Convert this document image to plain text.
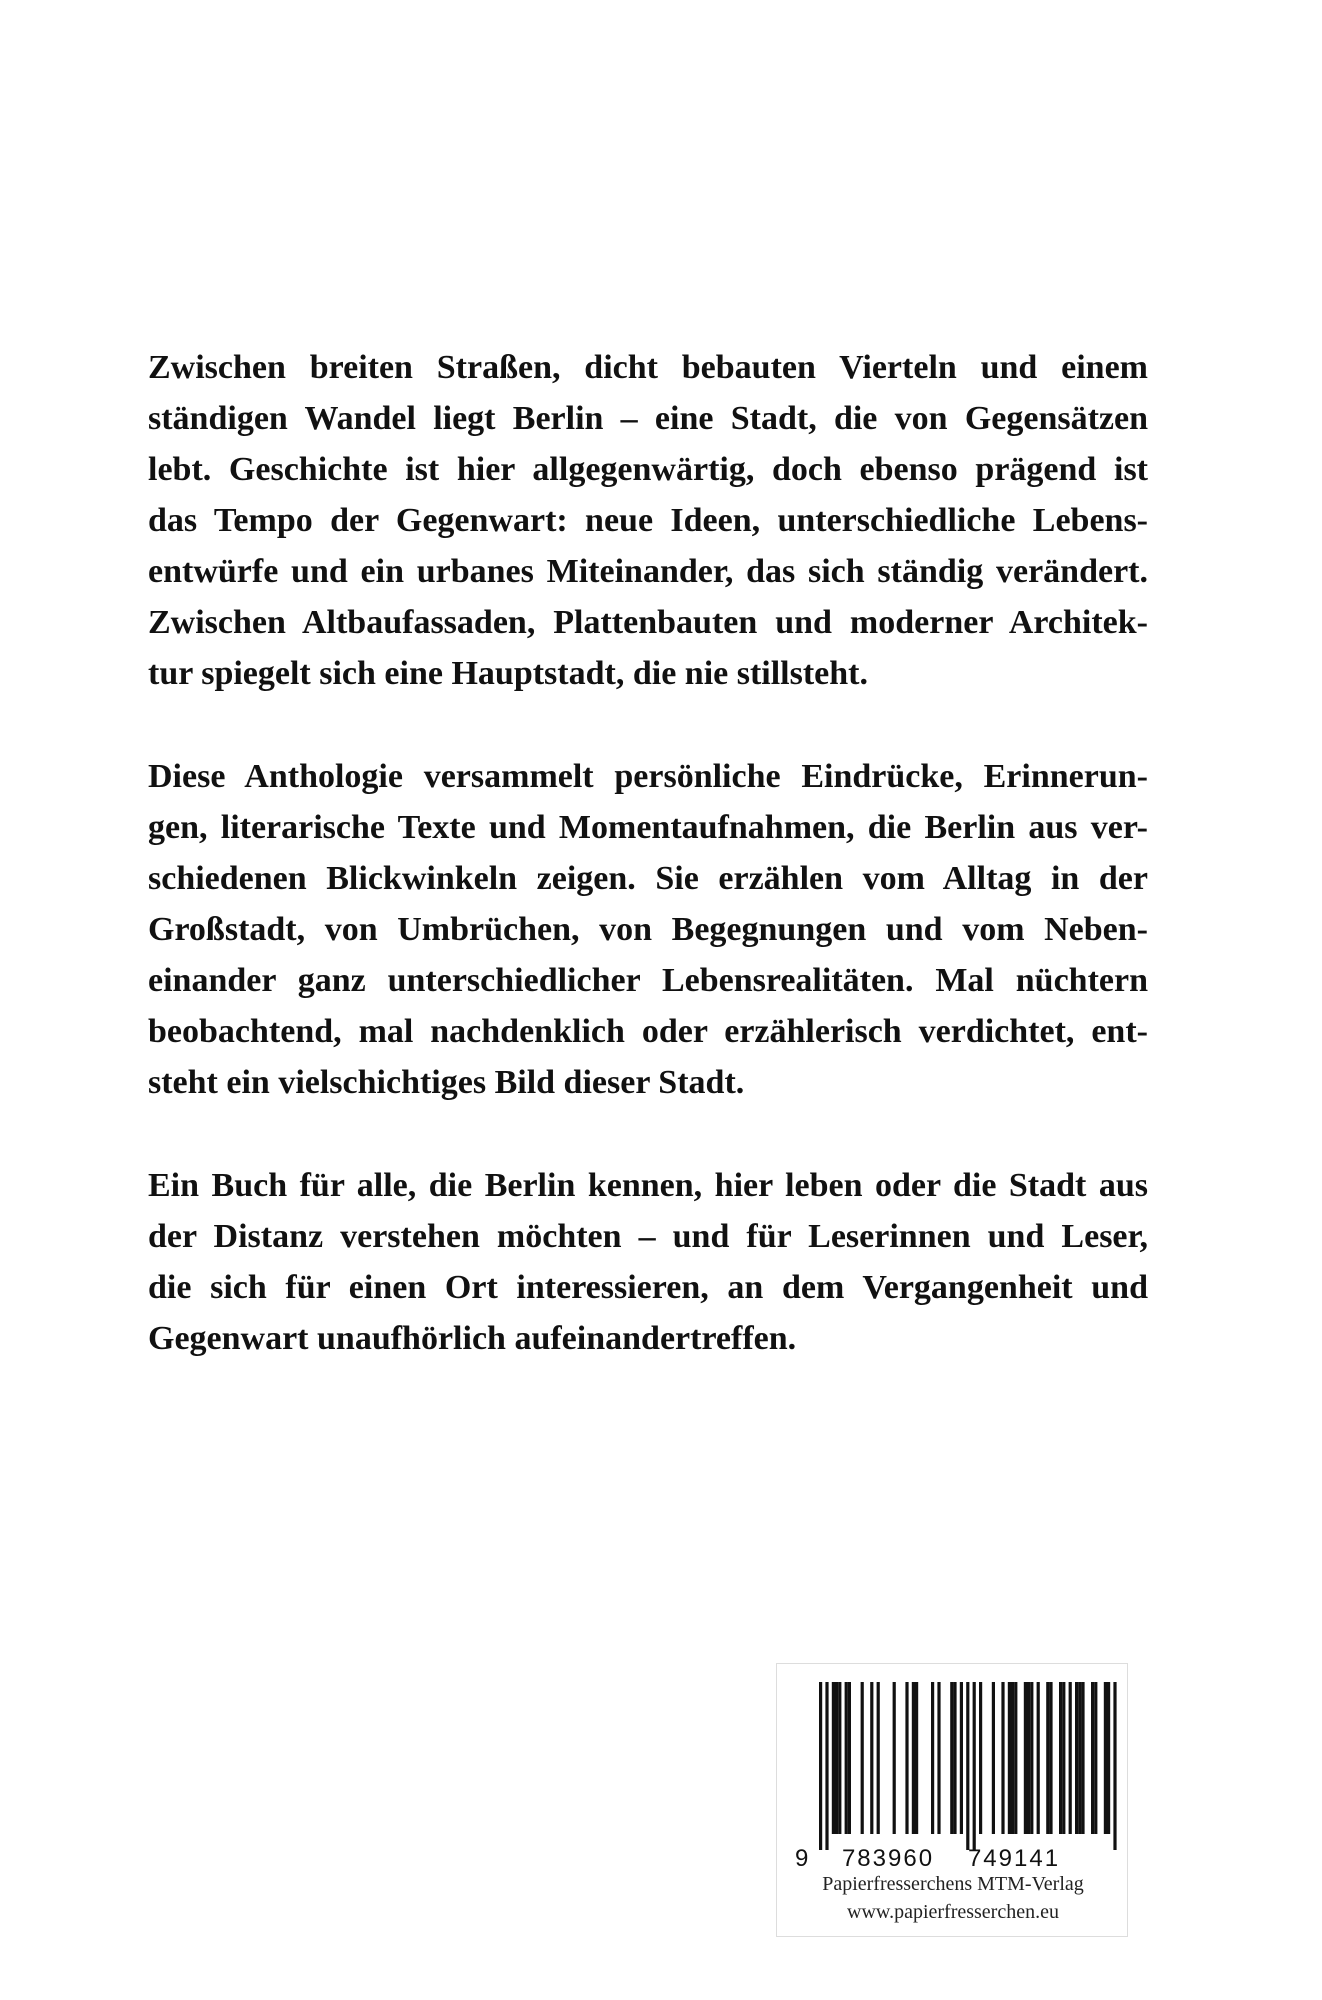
Zwischen breiten Straßen, dicht bebauten Vierteln und einem
ständigen Wandel liegt Berlin – eine Stadt, die von Gegensätzen
lebt. Geschichte ist hier allgegenwärtig, doch ebenso prägend ist
das Tempo der Gegenwart: neue Ideen, unterschiedliche Lebens-
entwürfe und ein urbanes Miteinander, das sich ständig verändert.
Zwischen Altbaufassaden, Plattenbauten und moderner Architek-
tur spiegelt sich eine Hauptstadt, die nie stillsteht.

Diese Anthologie versammelt persönliche Eindrücke, Erinnerun-
gen, literarische Texte und Momentaufnahmen, die Berlin aus ver-
schiedenen Blickwinkeln zeigen. Sie erzählen vom Alltag in der
Großstadt, von Umbrüchen, von Begegnungen und vom Neben-
einander ganz unterschiedlicher Lebensrealitäten. Mal nüchtern
beobachtend, mal nachdenklich oder erzählerisch verdichtet, ent-
steht ein vielschichtiges Bild dieser Stadt.

Ein Buch für alle, die Berlin kennen, hier leben oder die Stadt aus
der Distanz verstehen möchten – und für Leserinnen und Leser,
die sich für einen Ort interessieren, an dem Vergangenheit und
Gegenwart unaufhörlich aufeinandertreffen.

9 783960 749141
Papierfresserchens MTM-Verlag
www.papierfresserchen.eu
